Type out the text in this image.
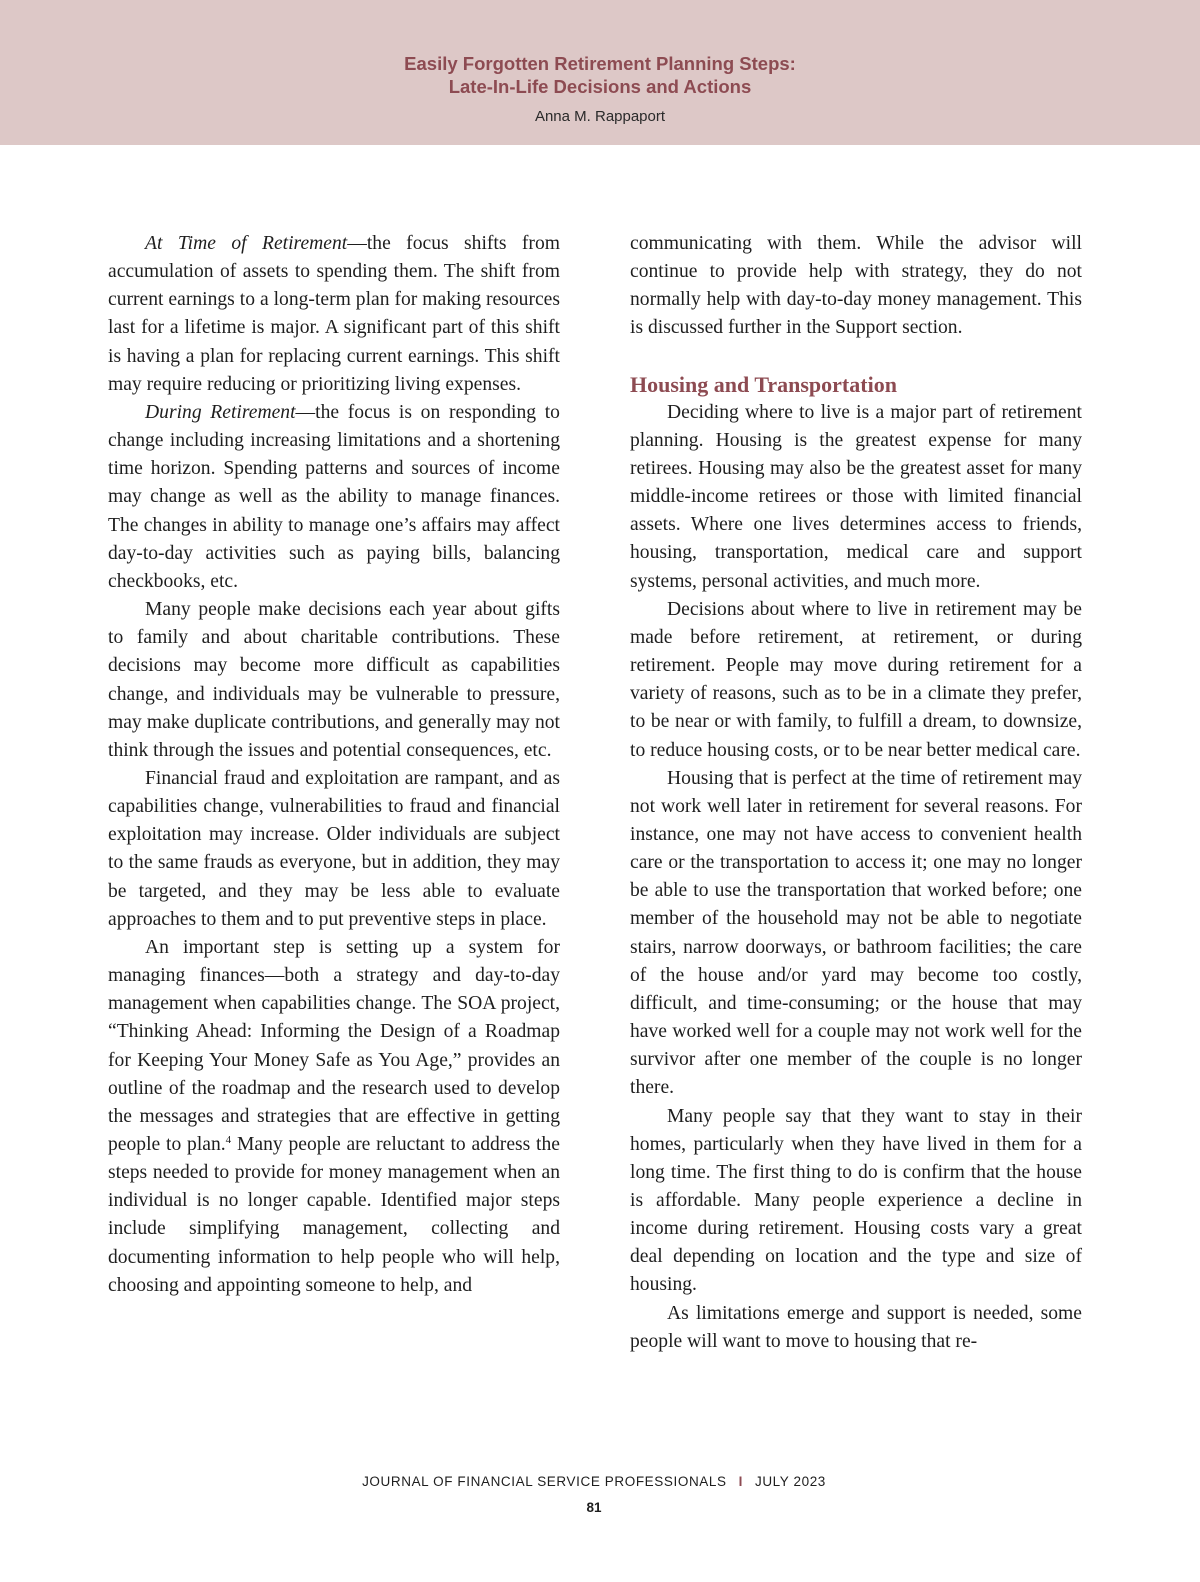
Easily Forgotten Retirement Planning Steps:
Late-In-Life Decisions and Actions
Anna M. Rappaport

At Time of Retirement—the focus shifts from accumulation of assets to spending them. The shift from current earnings to a long-term plan for making resources last for a lifetime is major. A significant part of this shift is having a plan for replacing current earnings. This shift may require reducing or prioritizing living expenses.

During Retirement—the focus is on responding to change including increasing limitations and a shortening time horizon. Spending patterns and sources of income may change as well as the ability to manage finances. The changes in ability to manage one’s affairs may affect day-to-day activities such as paying bills, balancing checkbooks, etc.

Many people make decisions each year about gifts to family and about charitable contributions. These decisions may become more difficult as capabilities change, and individuals may be vulnerable to pressure, may make duplicate contributions, and generally may not think through the issues and potential consequences, etc.

Financial fraud and exploitation are rampant, and as capabilities change, vulnerabilities to fraud and financial exploitation may increase. Older individuals are subject to the same frauds as everyone, but in addition, they may be targeted, and they may be less able to evaluate approaches to them and to put preventive steps in place.

An important step is setting up a system for managing finances—both a strategy and day-to-day management when capabilities change. The SOA project, “Thinking Ahead: Informing the Design of a Roadmap for Keeping Your Money Safe as You Age,” provides an outline of the roadmap and the research used to develop the messages and strategies that are effective in getting people to plan.$^4$ Many people are reluctant to address the steps needed to provide for money management when an individual is no longer capable. Identified major steps include simplifying management, collecting and documenting information to help people who will help, choosing and appointing someone to help, and

communicating with them. While the advisor will continue to provide help with strategy, they do not normally help with day-to-day money management. This is discussed further in the Support section.

Housing and Transportation

Deciding where to live is a major part of retirement planning. Housing is the greatest expense for many retirees. Housing may also be the greatest asset for many middle-income retirees or those with limited financial assets. Where one lives determines access to friends, housing, transportation, medical care and support systems, personal activities, and much more.

Decisions about where to live in retirement may be made before retirement, at retirement, or during retirement. People may move during retirement for a variety of reasons, such as to be in a climate they prefer, to be near or with family, to fulfill a dream, to downsize, to reduce housing costs, or to be near better medical care.

Housing that is perfect at the time of retirement may not work well later in retirement for several reasons. For instance, one may not have access to convenient health care or the transportation to access it; one may no longer be able to use the transportation that worked before; one member of the household may not be able to negotiate stairs, narrow doorways, or bathroom facilities; the care of the house and/or yard may become too costly, difficult, and time-consuming; or the house that may have worked well for a couple may not work well for the survivor after one member of the couple is no longer there.

Many people say that they want to stay in their homes, particularly when they have lived in them for a long time. The first thing to do is confirm that the house is affordable. Many people experience a decline in income during retirement. Housing costs vary a great deal depending on location and the type and size of housing.

As limitations emerge and support is needed, some people will want to move to housing that re-

JOURNAL OF FINANCIAL SERVICE PROFESSIONALS I JULY 2023
81
